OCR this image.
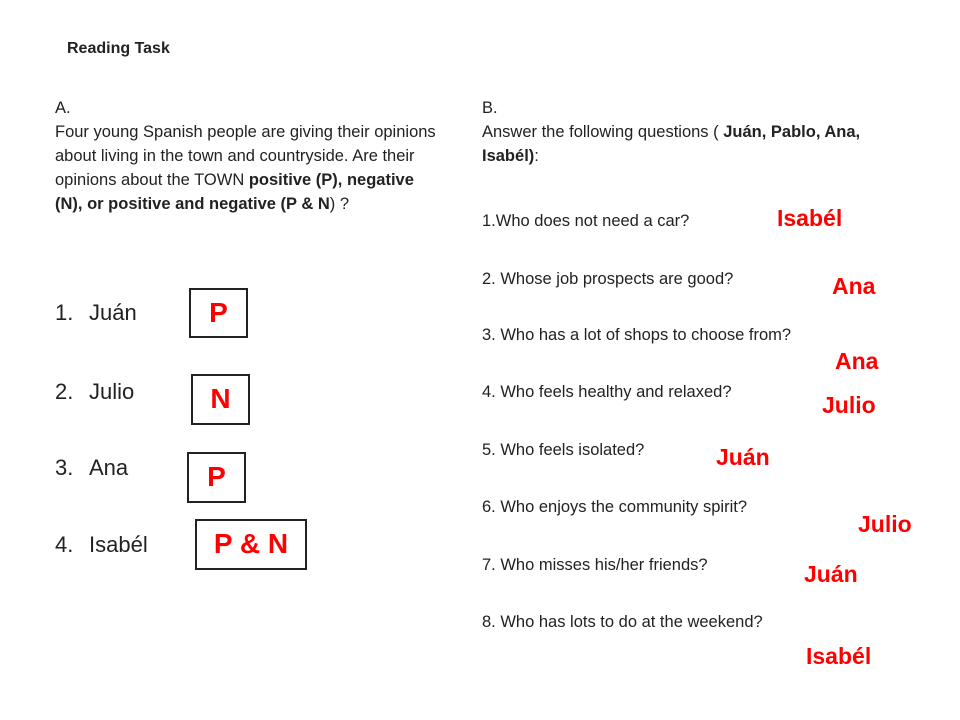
Reading Task

A.

Four young Spanish people are giving their opinions about living in the town and countryside. Are their opinions about the TOWN positive (P), negative (N), or positive and negative (P & N) ?

1. Juán
2. Julio
3. Ana
4. Isabél
P
N
P
P & N

B.

Answer the following questions ( Juán, Pablo, Ana, Isabél):

1.Who does not need a car?
2. Whose job prospects are good?
3. Who has a lot of shops to choose from?
4. Who feels healthy and relaxed?
5. Who feels isolated?
6. Who enjoys the community spirit?
7. Who misses his/her friends?
8. Who has lots to do at the weekend?
Isabél
Ana
Ana
Julio
Juán
Julio
Juán
Isabél
